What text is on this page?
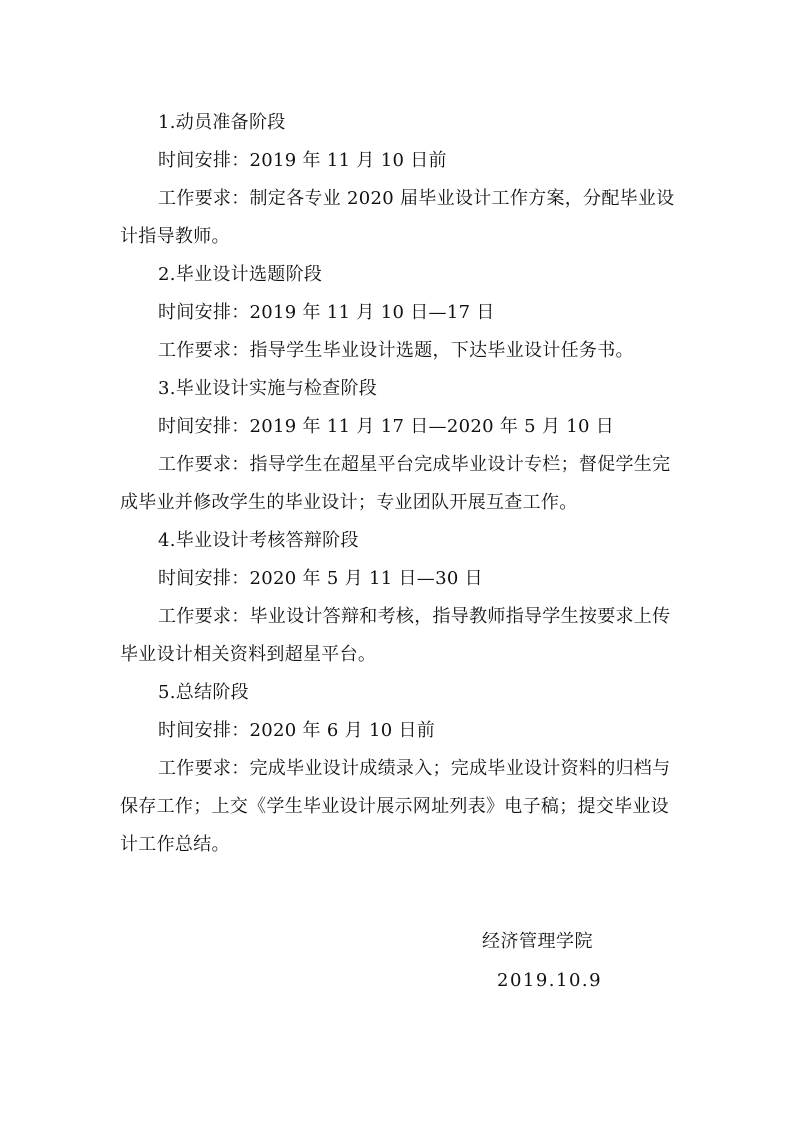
1.动员准备阶段
时间安排：2019 年 11 月 10 日前
工作要求：制定各专业 2020 届毕业设计工作方案，分配毕业设
计指导教师。
2.毕业设计选题阶段
时间安排：2019 年 11 月 10 日—17 日
工作要求：指导学生毕业设计选题，下达毕业设计任务书。
3.毕业设计实施与检查阶段
时间安排：2019 年 11 月 17 日—2020 年 5 月 10 日
工作要求：指导学生在超星平台完成毕业设计专栏；督促学生完
成毕业并修改学生的毕业设计；专业团队开展互查工作。
4.毕业设计考核答辩阶段
时间安排：2020 年 5 月 11 日—30 日
工作要求：毕业设计答辩和考核，指导教师指导学生按要求上传
毕业设计相关资料到超星平台。
5.总结阶段
时间安排：2020 年 6 月 10 日前
工作要求：完成毕业设计成绩录入；完成毕业设计资料的归档与
保存工作；上交《学生毕业设计展示网址列表》电子稿；提交毕业设
计工作总结。
经济管理学院
2019.10.9
